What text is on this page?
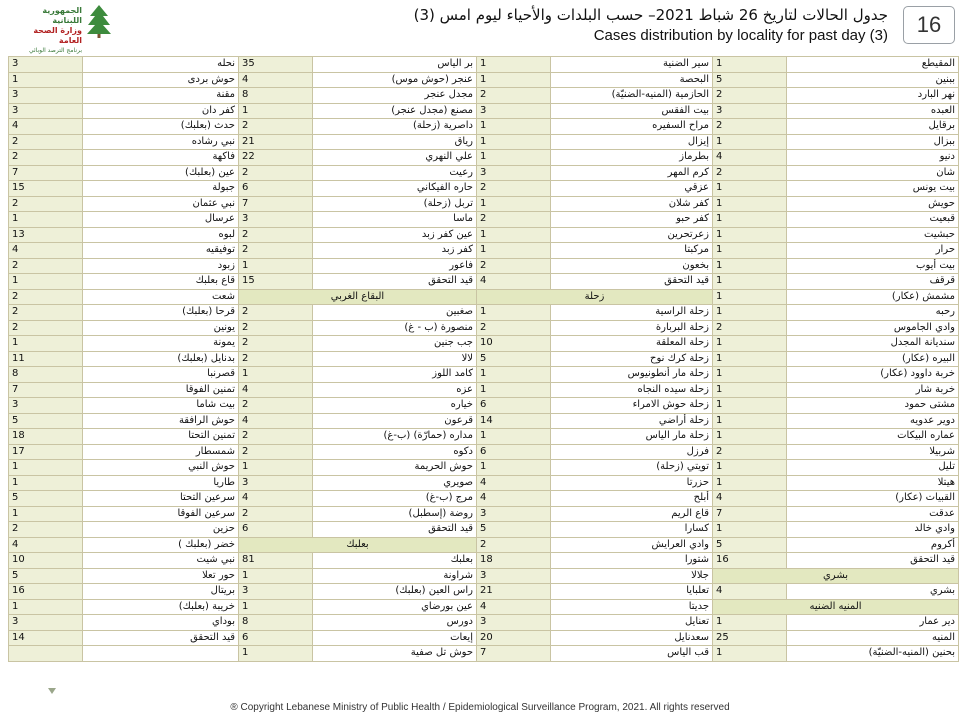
الجمهورية اللبنانية
وزارة الصحة العامة
برنامج الترصد الوبائي
جدول الحالات لتاريخ 26 شباط 2021– حسب البلدات والأحياء ليوم امس (3)
Cases distribution by locality for past day (3)	16
3	نحله	35	بر الياس	1	سير الضنية	1	المقيطع
1	حوش بردى	4	عنجر (حوش موس)	1	البحصة	5	ببنين
3	مقنة	8	مجدل عنجر	2	الحازمية (المنيه-الضنيّة)	2	نهر البارد
3	كفر دان	1	مصنع (مجدل عنجر)	3	بيت الفقس	3	العبده
4	حدث (بعلبك)	2	داصرية (زحلة)	1	مراح السفيره	2	برقايل
2	نبي رشاده	21	رياق	1	إيزال	1	ببزال
2	فاكهة	22	علي النهري	1	بطرماز	4	دنيو
7	عين (بعلبك)	2	رعيت	3	كرم المهر	2	شان
15	جبولة	6	حاره الفيكاني	2	عزقي	1	بيت يونس
2	نبي عثمان	7	تربل (زحلة)	1	كفر شلان	1	حويش
1	عرسال	3	ماسا	2	كفر حبو	1	قبعيت
13	لبوه	2	عين كفر زبد	1	زعرتحرين	1	حبشيت
4	توفيقيه	2	كفر زبد	1	مركبتا	1	حرار
2	زبود	1	فاعور	2	بخعون	1	بيت أيوب
1	قاع بعلبك	15	قيد التحقق	4	قيد التحقق	1	قرقف
2	شعت	البقاع الغربي		زحلة		1	مشمش (عكار)
2	قرحا (بعلبك)	2	صغبين	1	زحلة الراسية	1	رحبه
2	يونين	2	منصورة (ب - غ)	2	زحلة البربارة	2	وادي الجاموس
1	يمونة	2	جب جنين	10	زحلة المعلقة	1	سنديانة المجدل
11	بدنايل (بعلبك)	2	لالا	5	زحلة كرك نوح	1	البيره (عكار)
8	قصرنبا	1	كامد اللوز	1	زحلة مار أنطونيوس	1	خربة داوود (عكار)
7	تمنين الفوقا	4	عزه	1	زحلة سيده النجاه	1	خربة شار
3	بيت شاما	2	خياره	6	زحلة حوش الامراء	1	مشتى حمود
5	حوش الرافقة	4	قرعون	14	زحلة أراضي	1	دوير عدويه
18	تمنين التحتا	2	مداره (حمارّة) (ب-غ)	1	زحلة مار الياس	1	عماره البيكات
17	شمسطار	2	دكوه	6	فرزل	2	شربيلا
1	حوش النبي	1	حوش الحريمة	1	تويتي (زحلة)	1	تليل
1	طاريا	3	صويري	4	حزرتا	1	هيتلا
5	سرعين التحتا	4	مرج (ب-غ)	4	أبلح	4	القبيات (عكار)
1	سرعين الفوقا	2	روضة (إسطبل)	3	قاع الريم	7	عدقت
2	حزين	6	قيد التحقق	5	كسارا	1	وادي خالد
4	خضر (بعلبك )	بعلبك		2	وادي العرايش	5	أكروم
10	نبي شيت	81	بعلبك	18	شتورا	16	قيد التحقق
5	حور تعلا	1	شراونة	3	جلالا	بشري	
16	بريتال	3	راس العين (بعلبك)	21	تعلبايا	4	بشري
1	خريبة (بعلبك)	1	عين بورضاي	4	جديتا	المنيه الضنيه	
3	بوداي	8	دورس	3	تعنايل	1	دير عمار
14	قيد التحقق	6	إيعات	20	سعدنايل	25	المنيه
		1	حوش تل صفية	7	قب الياس	1	بحنين (المنيه-الضنيّة)
® Copyright Lebanese Ministry of Public Health / Epidemiological Surveillance Program, 2021. All rights reserved
